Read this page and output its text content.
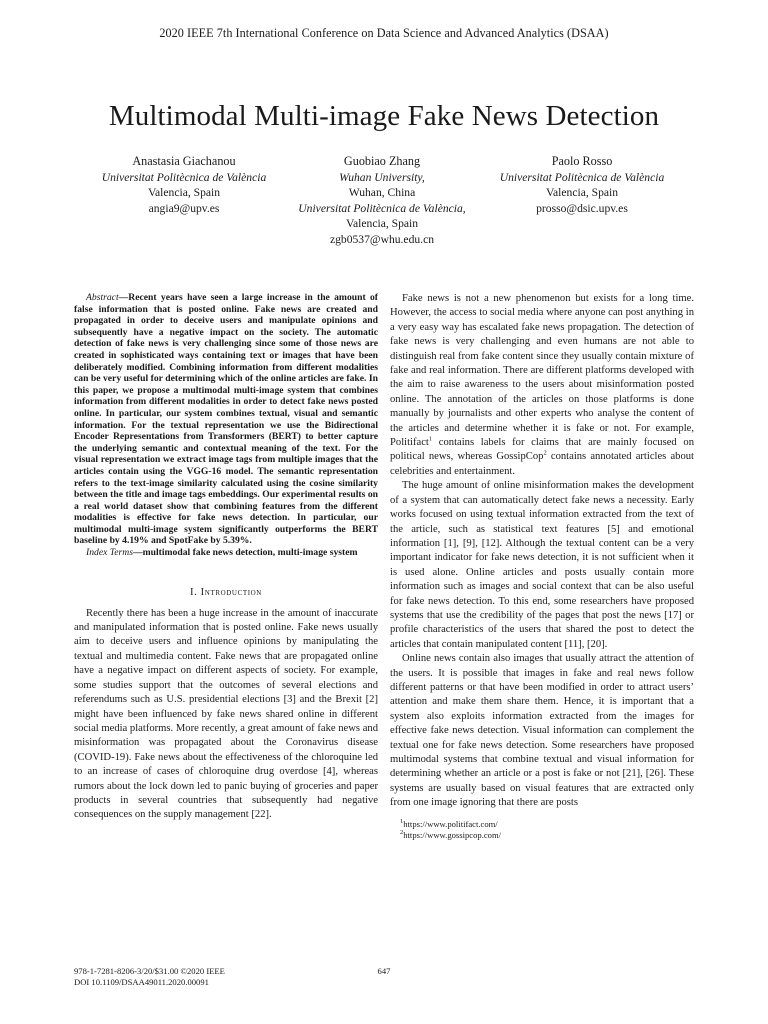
2020 IEEE 7th International Conference on Data Science and Advanced Analytics (DSAA)
Multimodal Multi-image Fake News Detection
Anastasia Giachanou
Universitat Politècnica de València
Valencia, Spain
angia9@upv.es
Guobiao Zhang
Wuhan University,
Wuhan, China
Universitat Politècnica de València,
Valencia, Spain
zgb0537@whu.edu.cn
Paolo Rosso
Universitat Politècnica de València
Valencia, Spain
prosso@dsic.upv.es

Abstract—Recent years have seen a large increase in the amount of false information that is posted online. Fake news are created and propagated in order to deceive users and manipulate opinions and subsequently have a negative impact on the society. The automatic detection of fake news is very challenging since some of those news are created in sophisticated ways containing text or images that have been deliberately modified. Combining information from different modalities can be very useful for determining which of the online articles are fake. In this paper, we propose a multimodal multi-image system that combines information from different modalities in order to detect fake news posted online. In particular, our system combines textual, visual and semantic information. For the textual representation we use the Bidirectional Encoder Representations from Transformers (BERT) to better capture the underlying semantic and contextual meaning of the text. For the visual representation we extract image tags from multiple images that the articles contain using the VGG-16 model. The semantic representation refers to the text-image similarity calculated using the cosine similarity between the title and image tags embeddings. Our experimental results on a real world dataset show that combining features from the different modalities is effective for fake news detection. In particular, our multimodal multi-image system significantly outperforms the BERT baseline by 4.19% and SpotFake by 5.39%.

Index Terms—multimodal fake news detection, multi-image system

I. Introduction

Recently there has been a huge increase in the amount of inaccurate and manipulated information that is posted online. Fake news usually aim to deceive users and influence opinions by manipulating the textual and multimedia content. Fake news that are propagated online have a negative impact on different aspects of society. For example, some studies support that the outcomes of several elections and referendums such as U.S. presidential elections [3] and the Brexit [2] might have been influenced by fake news shared online in different social media platforms. More recently, a great amount of fake news and misinformation was propagated about the Coronavirus disease (COVID-19). Fake news about the effectiveness of the chloroquine led to an increase of cases of chloroquine drug overdose [4], whereas rumors about the lock down led to panic buying of groceries and paper products in several countries that subsequently had negative consequences on the supply management [22].

Fake news is not a new phenomenon but exists for a long time. However, the access to social media where anyone can post anything in a very easy way has escalated fake news propagation. The detection of fake news is very challenging and even humans are not able to distinguish real from fake content since they usually contain mixture of fake and real information. There are different platforms developed with the aim to raise awareness to the users about misinformation posted online. The annotation of the articles on those platforms is done manually by journalists and other experts who analyse the content of the articles and determine whether it is fake or not. For example, Politifact$^1$ contains labels for claims that are mainly focused on political news, whereas GossipCop$^2$ contains annotated articles about celebrities and entertainment.

The huge amount of online misinformation makes the development of a system that can automatically detect fake news a necessity. Early works focused on using textual information extracted from the text of the article, such as statistical text features [5] and emotional information [1], [9], [12]. Although the textual content can be a very important indicator for fake news detection, it is not sufficient when it is used alone. Online articles and posts usually contain more information such as images and social context that can be also useful for fake news detection. To this end, some researchers have proposed systems that use the credibility of the pages that post the news [17] or profile characteristics of the users that shared the post to detect the articles that contain manipulated content [11], [20].

Online news contain also images that usually attract the attention of the users. It is possible that images in fake and real news follow different patterns or that have been modified in order to attract users’ attention and make them share them. Hence, it is important that a system also exploits information extracted from the images for effective fake news detection. Visual information can complement the textual one for fake news detection. Some researchers have proposed multimodal systems that combine textual and visual information for determining whether an article or a post is fake or not [21], [26]. These systems are usually based on visual features that are extracted only from one image ignoring that there are posts

$^1$https://www.politifact.com/
$^2$https://www.gossipcop.com/
978-1-7281-8206-3/20/$31.00 ©2020 IEEE
DOI 10.1109/DSAA49011.2020.00091
647
